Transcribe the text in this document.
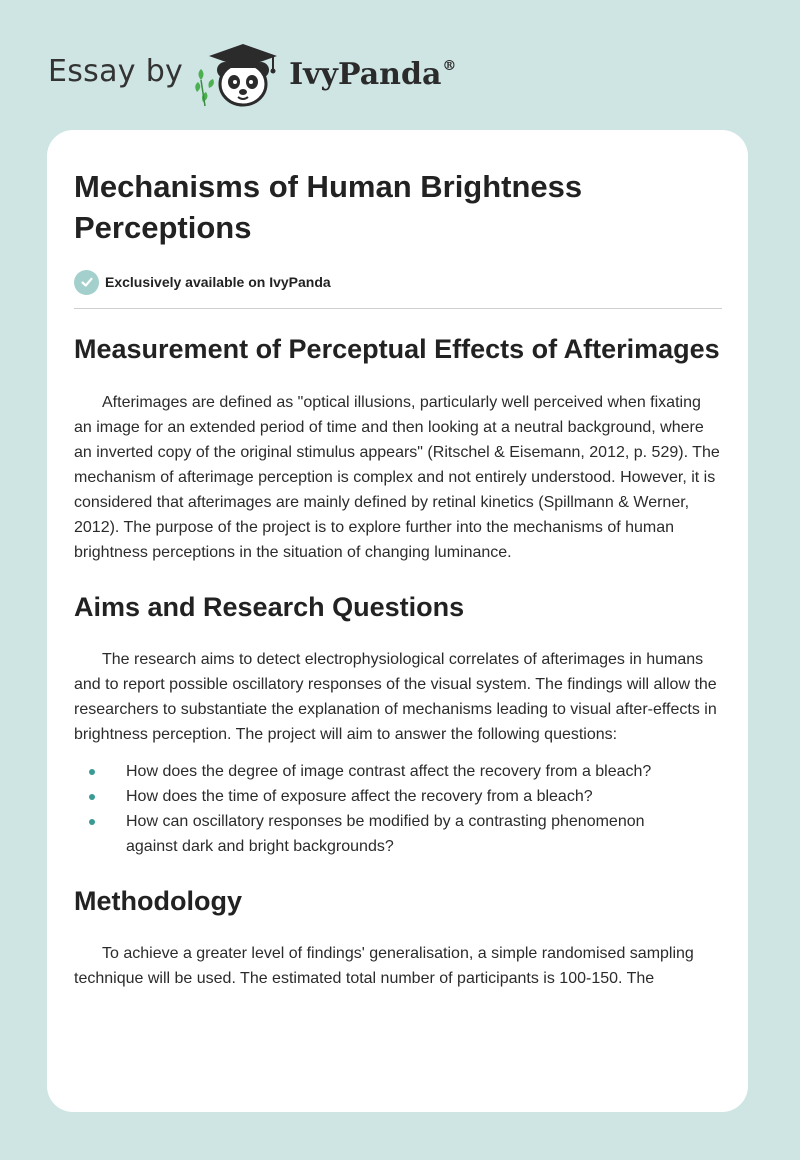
Essay by	IvyPanda®
Mechanisms of Human Brightness Perceptions
Exclusively available on IvyPanda
Measurement of Perceptual Effects of Afterimages

Afterimages are defined as "optical illusions, particularly well perceived when fixating an image for an extended period of time and then looking at a neutral background, where an inverted copy of the original stimulus appears" (Ritschel & Eisemann, 2012, p. 529). The mechanism of afterimage perception is complex and not entirely understood. However, it is considered that afterimages are mainly defined by retinal kinetics (Spillmann & Werner, 2012). The purpose of the project is to explore further into the mechanisms of human brightness perceptions in the situation of changing luminance.

Aims and Research Questions

The research aims to detect electrophysiological correlates of afterimages in humans and to report possible oscillatory responses of the visual system. The findings will allow the researchers to substantiate the explanation of mechanisms leading to visual after-effects in brightness perception. The project will aim to answer the following questions:

How does the degree of image contrast affect the recovery from a bleach?
How does the time of exposure affect the recovery from a bleach?
How can oscillatory responses be modified by a contrasting phenomenon against dark and bright backgrounds?
Methodology

To achieve a greater level of findings' generalisation, a simple randomised sampling technique will be used. The estimated total number of participants is 100-150. The
